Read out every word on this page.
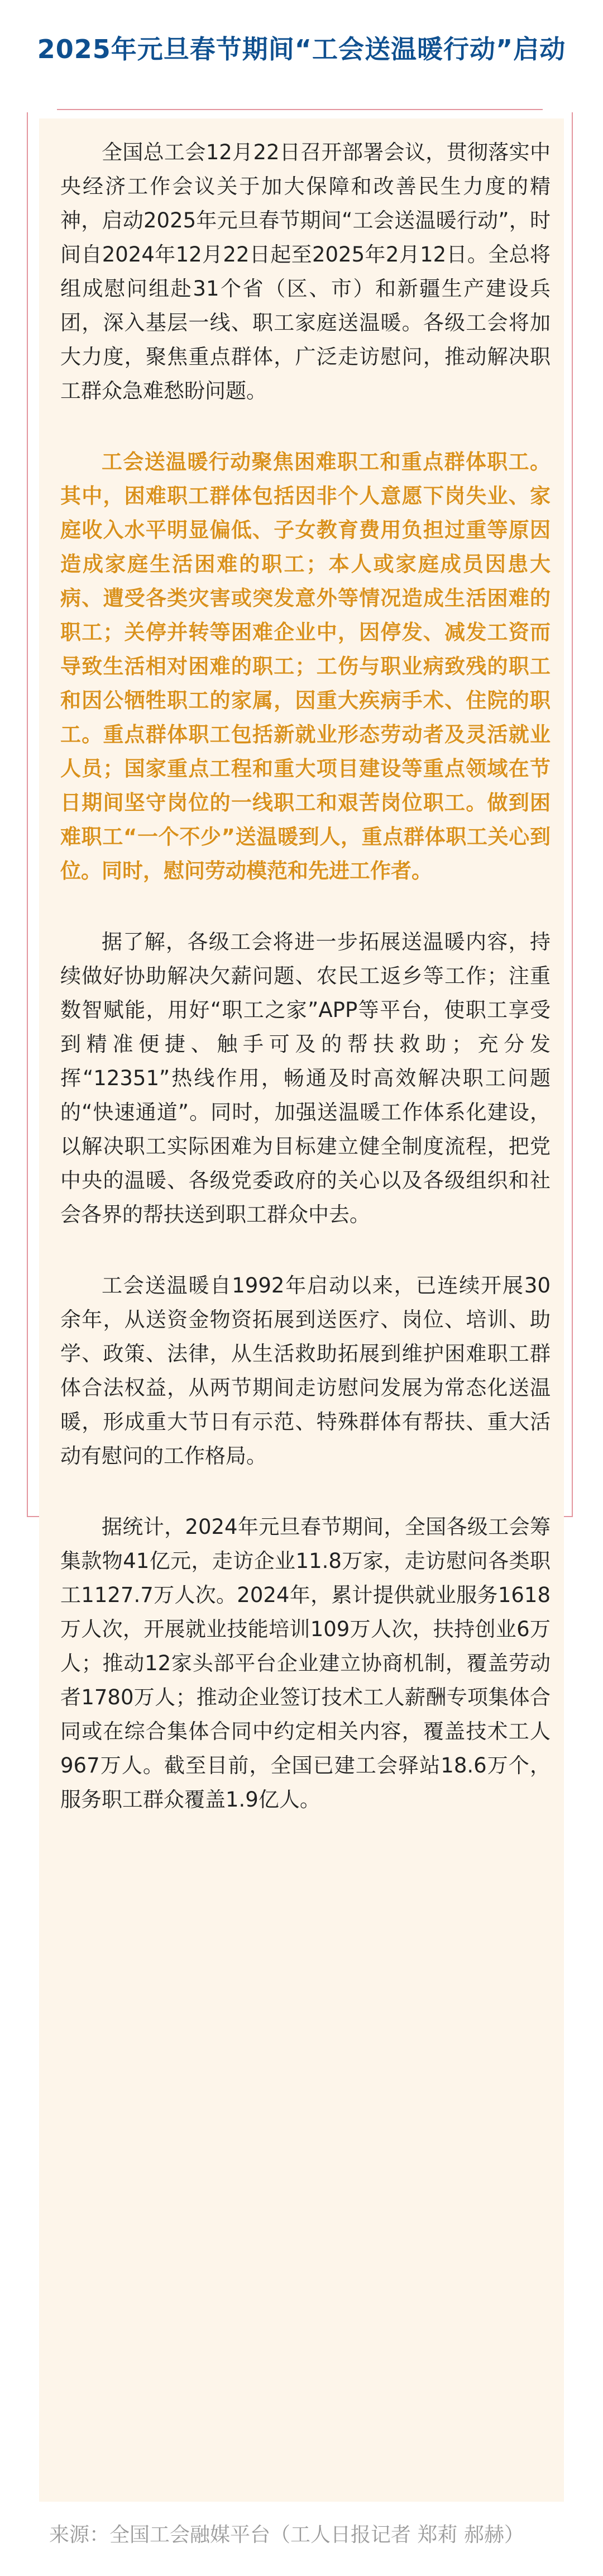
2025年元旦春节期间“工会送温暖行动”启动

全国总工会12月22日召开部署会议，贯彻落实中央经济工作会议关于加大保障和改善民生力度的精神，启动2025年元旦春节期间“工会送温暖行动”，时间自2024年12月22日起至2025年2月12日。全总将组成慰问组赴31个省（区、市）和新疆生产建设兵团，深入基层一线、职工家庭送温暖。各级工会将加大力度，聚焦重点群体，广泛走访慰问，推动解决职工群众急难愁盼问题。

工会送温暖行动聚焦困难职工和重点群体职工。其中，困难职工群体包括因非个人意愿下岗失业、家庭收入水平明显偏低、子女教育费用负担过重等原因造成家庭生活困难的职工；本人或家庭成员因患大病、遭受各类灾害或突发意外等情况造成生活困难的职工；关停并转等困难企业中，因停发、减发工资而导致生活相对困难的职工；工伤与职业病致残的职工和因公牺牲职工的家属，因重大疾病手术、住院的职工。重点群体职工包括新就业形态劳动者及灵活就业人员；国家重点工程和重大项目建设等重点领域在节日期间坚守岗位的一线职工和艰苦岗位职工。做到困难职工“一个不少”送温暖到人，重点群体职工关心到位。同时，慰问劳动模范和先进工作者。

据了解，各级工会将进一步拓展送温暖内容，持续做好协助解决欠薪问题、农民工返乡等工作；注重数智赋能，用好“职工之家”APP等平台，使职工享受到精准便捷、触手可及的帮扶救助；充分发挥“12351”热线作用，畅通及时高效解决职工问题的“快速通道”。同时，加强送温暖工作体系化建设，以解决职工实际困难为目标建立健全制度流程，把党中央的温暖、各级党委政府的关心以及各级组织和社会各界的帮扶送到职工群众中去。

工会送温暖自1992年启动以来，已连续开展30余年，从送资金物资拓展到送医疗、岗位、培训、助学、政策、法律，从生活救助拓展到维护困难职工群体合法权益，从两节期间走访慰问发展为常态化送温暖，形成重大节日有示范、特殊群体有帮扶、重大活动有慰问的工作格局。

据统计，2024年元旦春节期间，全国各级工会筹集款物41亿元，走访企业11.8万家，走访慰问各类职工1127.7万人次。2024年，累计提供就业服务1618万人次，开展就业技能培训109万人次，扶持创业6万人；推动12家头部平台企业建立协商机制，覆盖劳动者1780万人；推动企业签订技术工人薪酬专项集体合同或在综合集体合同中约定相关内容，覆盖技术工人967万人。截至目前，全国已建工会驿站18.6万个，服务职工群众覆盖1.9亿人。

来源：全国工会融媒平台（工人日报记者 郑莉 郝赫）
